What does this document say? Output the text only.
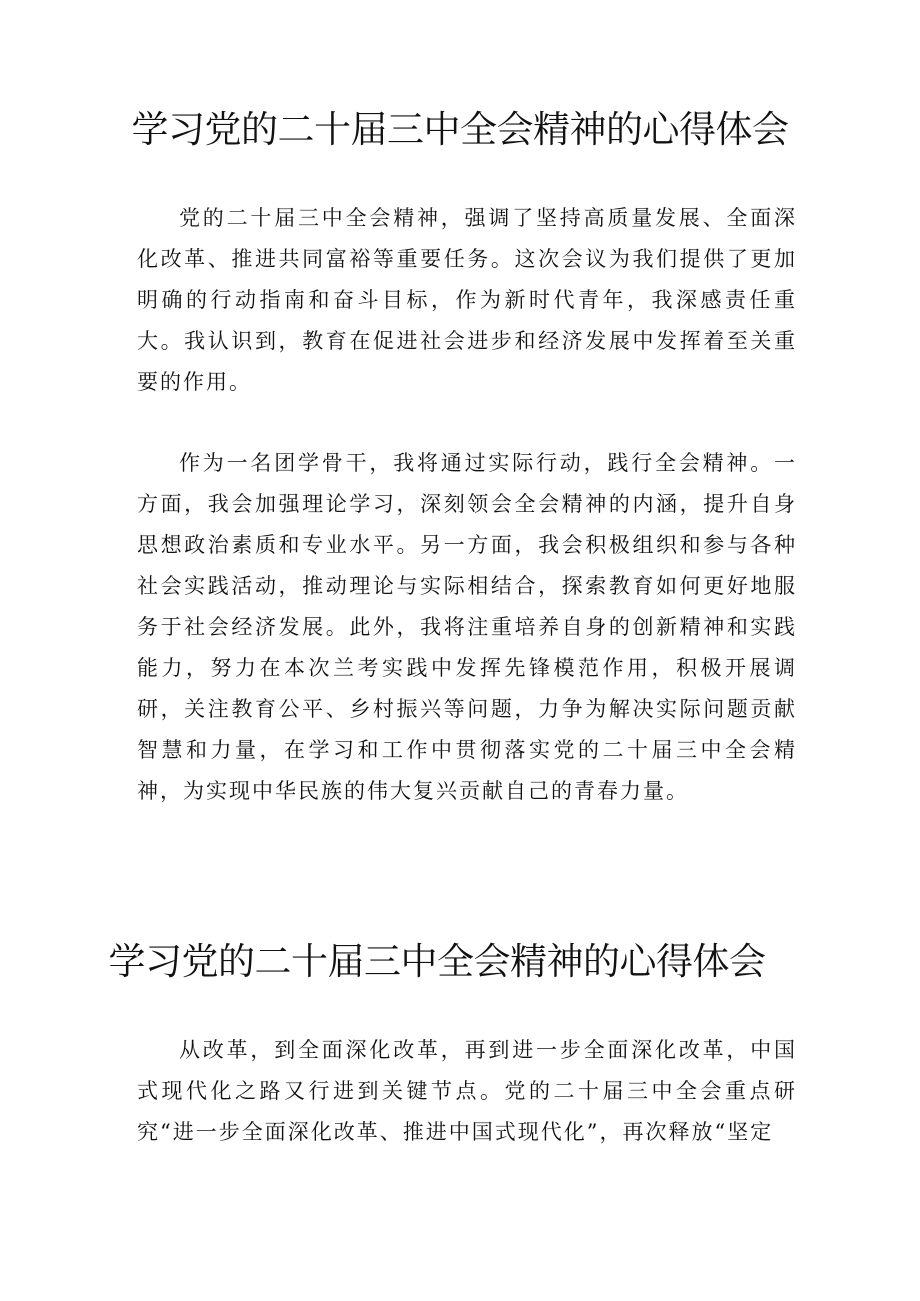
学习党的二十届三中全会精神的心得体会

党的二十届三中全会精神，强调了坚持高质量发展、全面深化改革、推进共同富裕等重要任务。这次会议为我们提供了更加明确的行动指南和奋斗目标，作为新时代青年，我深感责任重大。我认识到，教育在促进社会进步和经济发展中发挥着至关重要的作用。

作为一名团学骨干，我将通过实际行动，践行全会精神。一方面，我会加强理论学习，深刻领会全会精神的内涵，提升自身思想政治素质和专业水平。另一方面，我会积极组织和参与各种社会实践活动，推动理论与实际相结合，探索教育如何更好地服务于社会经济发展。此外，我将注重培养自身的创新精神和实践能力，努力在本次兰考实践中发挥先锋模范作用，积极开展调研，关注教育公平、乡村振兴等问题，力争为解决实际问题贡献智慧和力量，在学习和工作中贯彻落实党的二十届三中全会精神，为实现中华民族的伟大复兴贡献自己的青春力量。

学习党的二十届三中全会精神的心得体会

从改革，到全面深化改革，再到进一步全面深化改革，中国式现代化之路又行进到关键节点。党的二十届三中全会重点研究“进一步全面深化改革、推进中国式现代化”，再次释放“坚定
